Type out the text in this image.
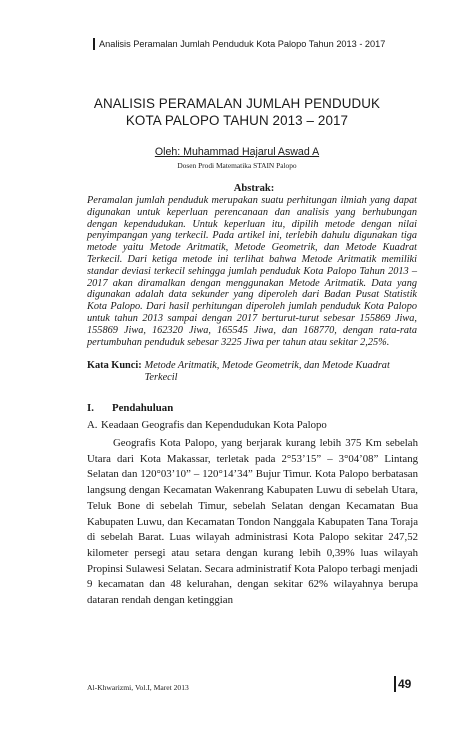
Analisis Peramalan Jumlah Penduduk Kota Palopo Tahun 2013 - 2017
ANALISIS PERAMALAN JUMLAH PENDUDUK
KOTA PALOPO TAHUN 2013 – 2017
Oleh: Muhammad Hajarul Aswad A
Dosen Prodi Matematika STAIN Palopo
Abstrak:

Peramalan jumlah penduduk merupakan suatu perhitungan ilmiah yang dapat digunakan untuk keperluan perencanaan dan analisis yang berhubungan dengan kependudukan. Untuk keperluan itu, dipilih metode dengan nilai penyimpangan yang terkecil. Pada artikel ini, terlebih dahulu digunakan tiga metode yaitu Metode Aritmatik, Metode Geometrik, dan Metode Kuadrat Terkecil. Dari ketiga metode ini terlihat bahwa Metode Aritmatik memiliki standar deviasi terkecil sehingga jumlah penduduk Kota Palopo Tahun 2013 – 2017 akan diramalkan dengan menggunakan Metode Aritmatik. Data yang digunakan adalah data sekunder yang diperoleh dari Badan Pusat Statistik Kota Palopo. Dari hasil perhitungan diperoleh jumlah penduduk Kota Palopo untuk tahun 2013 sampai dengan 2017 berturut-turut sebesar 155869 Jiwa, 155869 Jiwa, 162320 Jiwa, 165545 Jiwa, dan 168770, dengan rata-rata pertumbuhan penduduk sebesar 3225 Jiwa per tahun atau sekitar 2,25%.

Kata Kunci: Metode Aritmatik, Metode Geometrik, dan Metode Kuadrat Terkecil
I. Pendahuluan
A. Keadaan Geografis dan Kependudukan Kota Palopo

Geografis Kota Palopo, yang berjarak kurang lebih 375 Km sebelah Utara dari Kota Makassar, terletak pada 2°53’15” – 3°04’08” Lintang Selatan dan 120°03’10” – 120°14’34” Bujur Timur. Kota Palopo berbatasan langsung dengan Kecamatan Wakenrang Kabupaten Luwu di sebelah Utara, Teluk Bone di sebelah Timur, sebelah Selatan dengan Kecamatan Bua Kabupaten Luwu, dan Kecamatan Tondon Nanggala Kabupaten Tana Toraja di sebelah Barat. Luas wilayah administrasi Kota Palopo sekitar 247,52 kilometer persegi atau setara dengan kurang lebih 0,39% luas wilayah Propinsi Sulawesi Selatan. Secara administratif Kota Palopo terbagi menjadi 9 kecamatan dan 48 kelurahan, dengan sekitar 62% wilayahnya berupa dataran rendah dengan ketinggian

Al-Khwarizmi, Vol.I, Maret 2013	49
